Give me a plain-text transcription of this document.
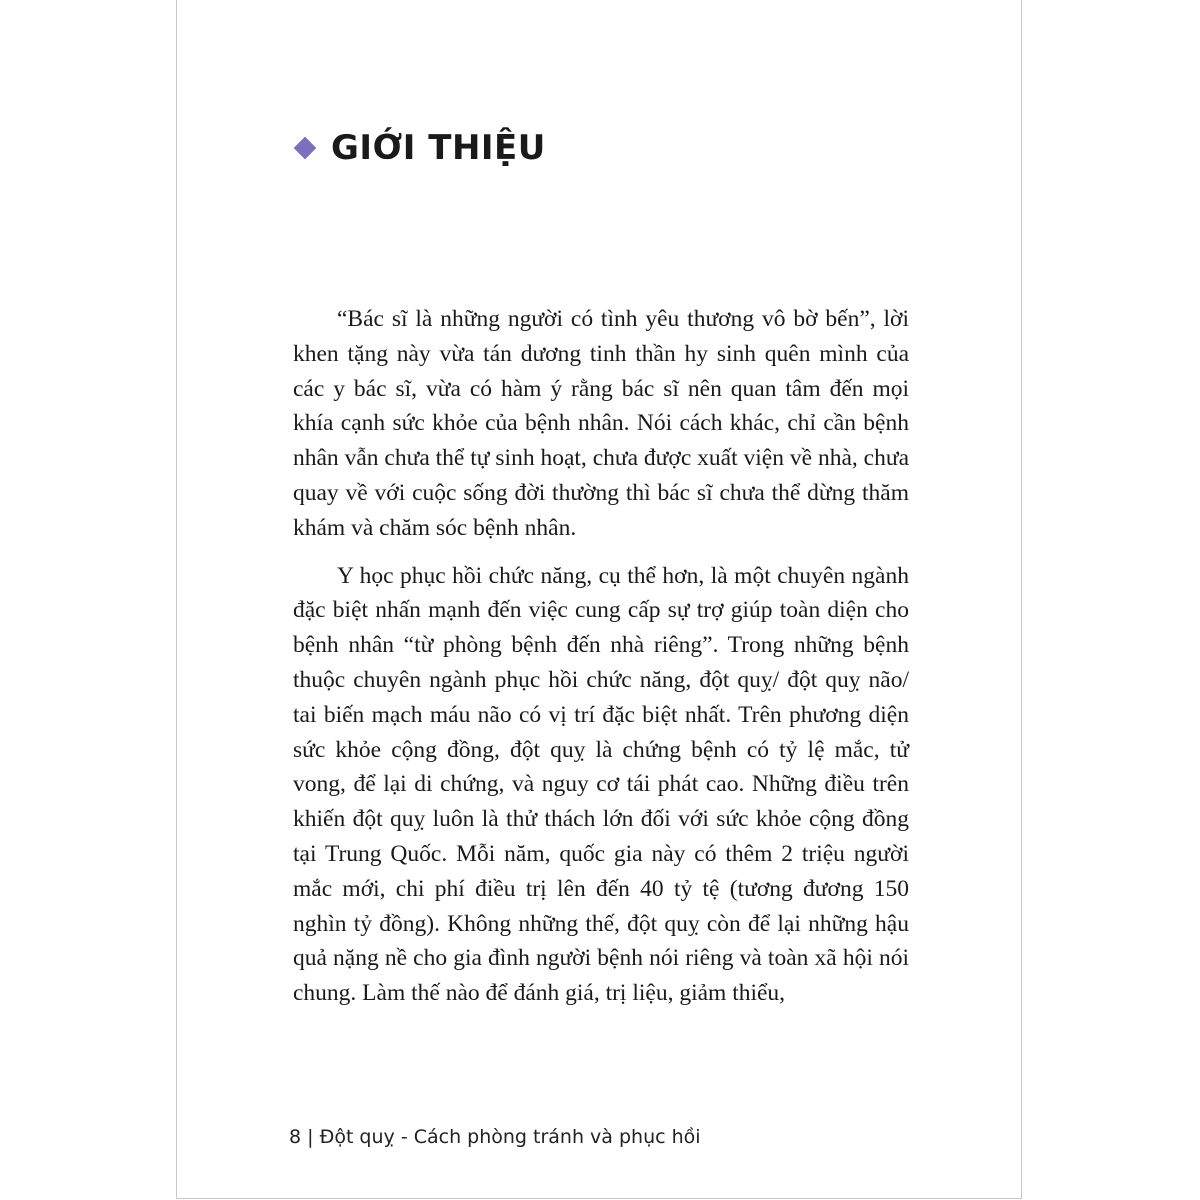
GIỚI THIỆU

“Bác sĩ là những người có tình yêu thương vô bờ bến”, lời khen tặng này vừa tán dương tinh thần hy sinh quên mình của các y bác sĩ, vừa có hàm ý rằng bác sĩ nên quan tâm đến mọi khía cạnh sức khỏe của bệnh nhân. Nói cách khác, chỉ cần bệnh nhân vẫn chưa thể tự sinh hoạt, chưa được xuất viện về nhà, chưa quay về với cuộc sống đời thường thì bác sĩ chưa thể dừng thăm khám và chăm sóc bệnh nhân.

Y học phục hồi chức năng, cụ thể hơn, là một chuyên ngành đặc biệt nhấn mạnh đến việc cung cấp sự trợ giúp toàn diện cho bệnh nhân “từ phòng bệnh đến nhà riêng”. Trong những bệnh thuộc chuyên ngành phục hồi chức năng, đột quỵ/ đột quỵ não/ tai biến mạch máu não có vị trí đặc biệt nhất. Trên phương diện sức khỏe cộng đồng, đột quỵ là chứng bệnh có tỷ lệ mắc, tử vong, để lại di chứng, và nguy cơ tái phát cao. Những điều trên khiến đột quỵ luôn là thử thách lớn đối với sức khỏe cộng đồng tại Trung Quốc. Mỗi năm, quốc gia này có thêm 2 triệu người mắc mới, chi phí điều trị lên đến 40 tỷ tệ (tương đương 150 nghìn tỷ đồng). Không những thế, đột quỵ còn để lại những hậu quả nặng nề cho gia đình người bệnh nói riêng và toàn xã hội nói chung. Làm thế nào để đánh giá, trị liệu, giảm thiểu,

8 | Đột quỵ - Cách phòng tránh và phục hồi
